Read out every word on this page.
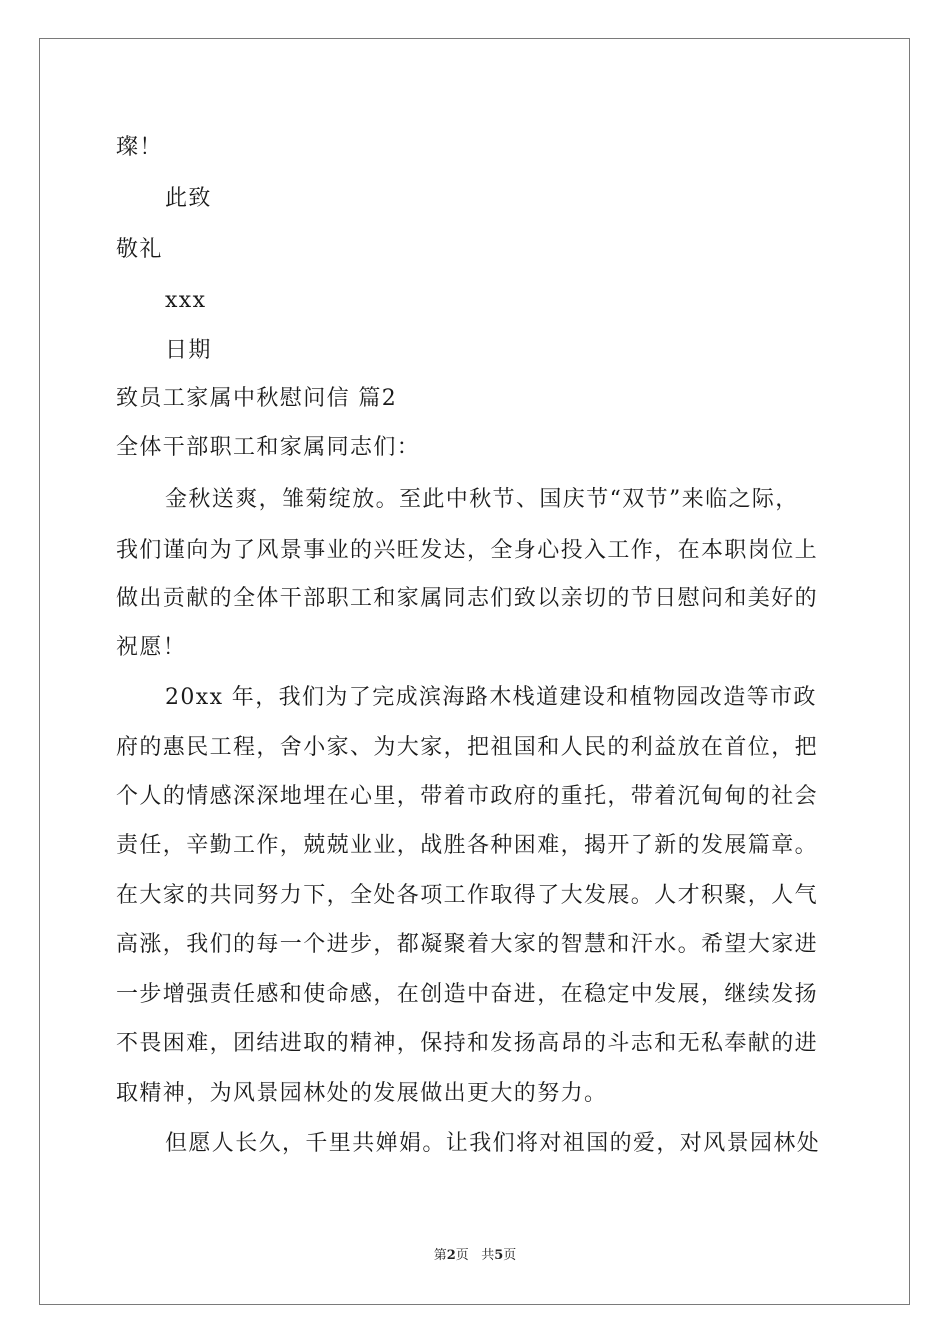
璨！
此致
敬礼
xxx
日期
致员工家属中秋慰问信 篇2
全体干部职工和家属同志们：
金秋送爽，雏菊绽放。至此中秋节、国庆节“双节”来临之际，
我们谨向为了风景事业的兴旺发达，全身心投入工作，在本职岗位上
做出贡献的全体干部职工和家属同志们致以亲切的节日慰问和美好的
祝愿！
20xx 年，我们为了完成滨海路木栈道建设和植物园改造等市政
府的惠民工程，舍小家、为大家，把祖国和人民的利益放在首位，把
个人的情感深深地埋在心里，带着市政府的重托，带着沉甸甸的社会
责任，辛勤工作，兢兢业业，战胜各种困难，揭开了新的发展篇章。
在大家的共同努力下，全处各项工作取得了大发展。人才积聚，人气
高涨，我们的每一个进步，都凝聚着大家的智慧和汗水。希望大家进
一步增强责任感和使命感，在创造中奋进，在稳定中发展，继续发扬
不畏困难，团结进取的精神，保持和发扬高昂的斗志和无私奉献的进
取精神，为风景园林处的发展做出更大的努力。
但愿人长久，千里共婵娟。让我们将对祖国的爱，对风景园林处
第2页 共5页
